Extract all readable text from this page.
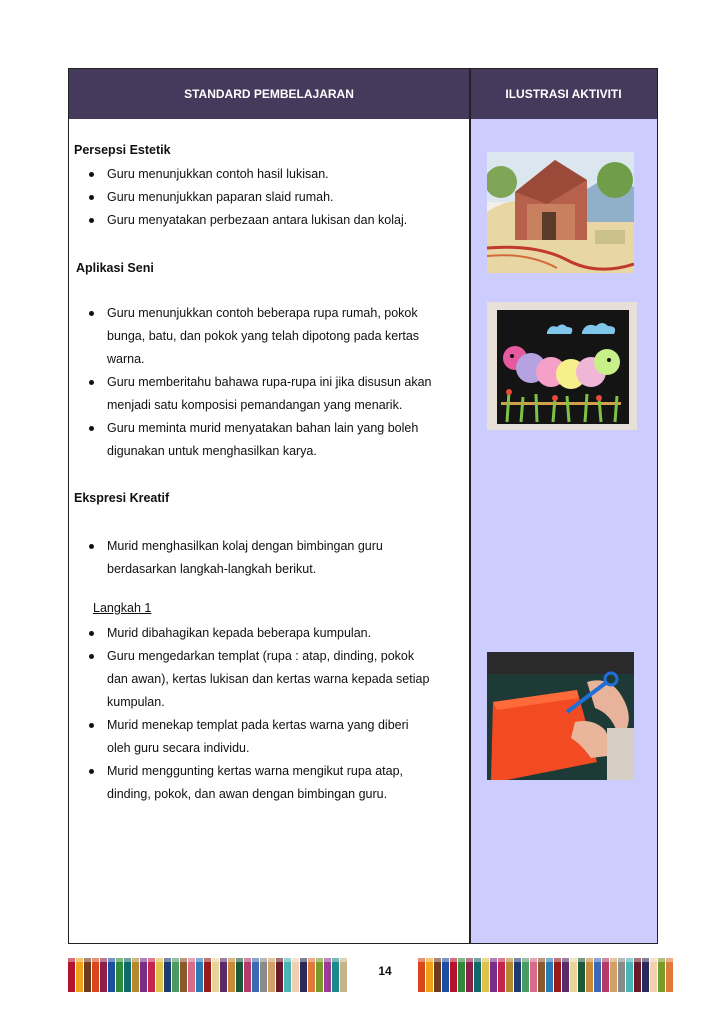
STANDARD PEMBELAJARAN	ILUSTRASI AKTIVITI
Persepsi Estetik
Guru menunjukkan contoh hasil lukisan.
Guru menunjukkan paparan slaid rumah.
Guru menyatakan perbezaan antara lukisan dan kolaj.
Aplikasi Seni
Guru menunjukkan contoh beberapa rupa rumah, pokok
bunga, batu, dan pokok yang telah dipotong pada kertas
warna.
Guru memberitahu bahawa rupa-rupa ini jika disusun akan
menjadi satu komposisi pemandangan yang menarik.
Guru meminta murid menyatakan bahan lain yang boleh
digunakan untuk menghasilkan karya.
Ekspresi Kreatif
Murid menghasilkan kolaj dengan bimbingan guru
berdasarkan langkah-langkah berikut.
Langkah 1
Murid dibahagikan kepada beberapa kumpulan.
Guru mengedarkan templat (rupa : atap, dinding, pokok
dan awan), kertas lukisan dan kertas warna kepada setiap
kumpulan.
Murid menekap templat pada kertas warna yang diberi
oleh guru secara individu.
Murid menggunting kertas warna mengikut rupa atap,
dinding, pokok, dan awan dengan bimbingan guru.
14
